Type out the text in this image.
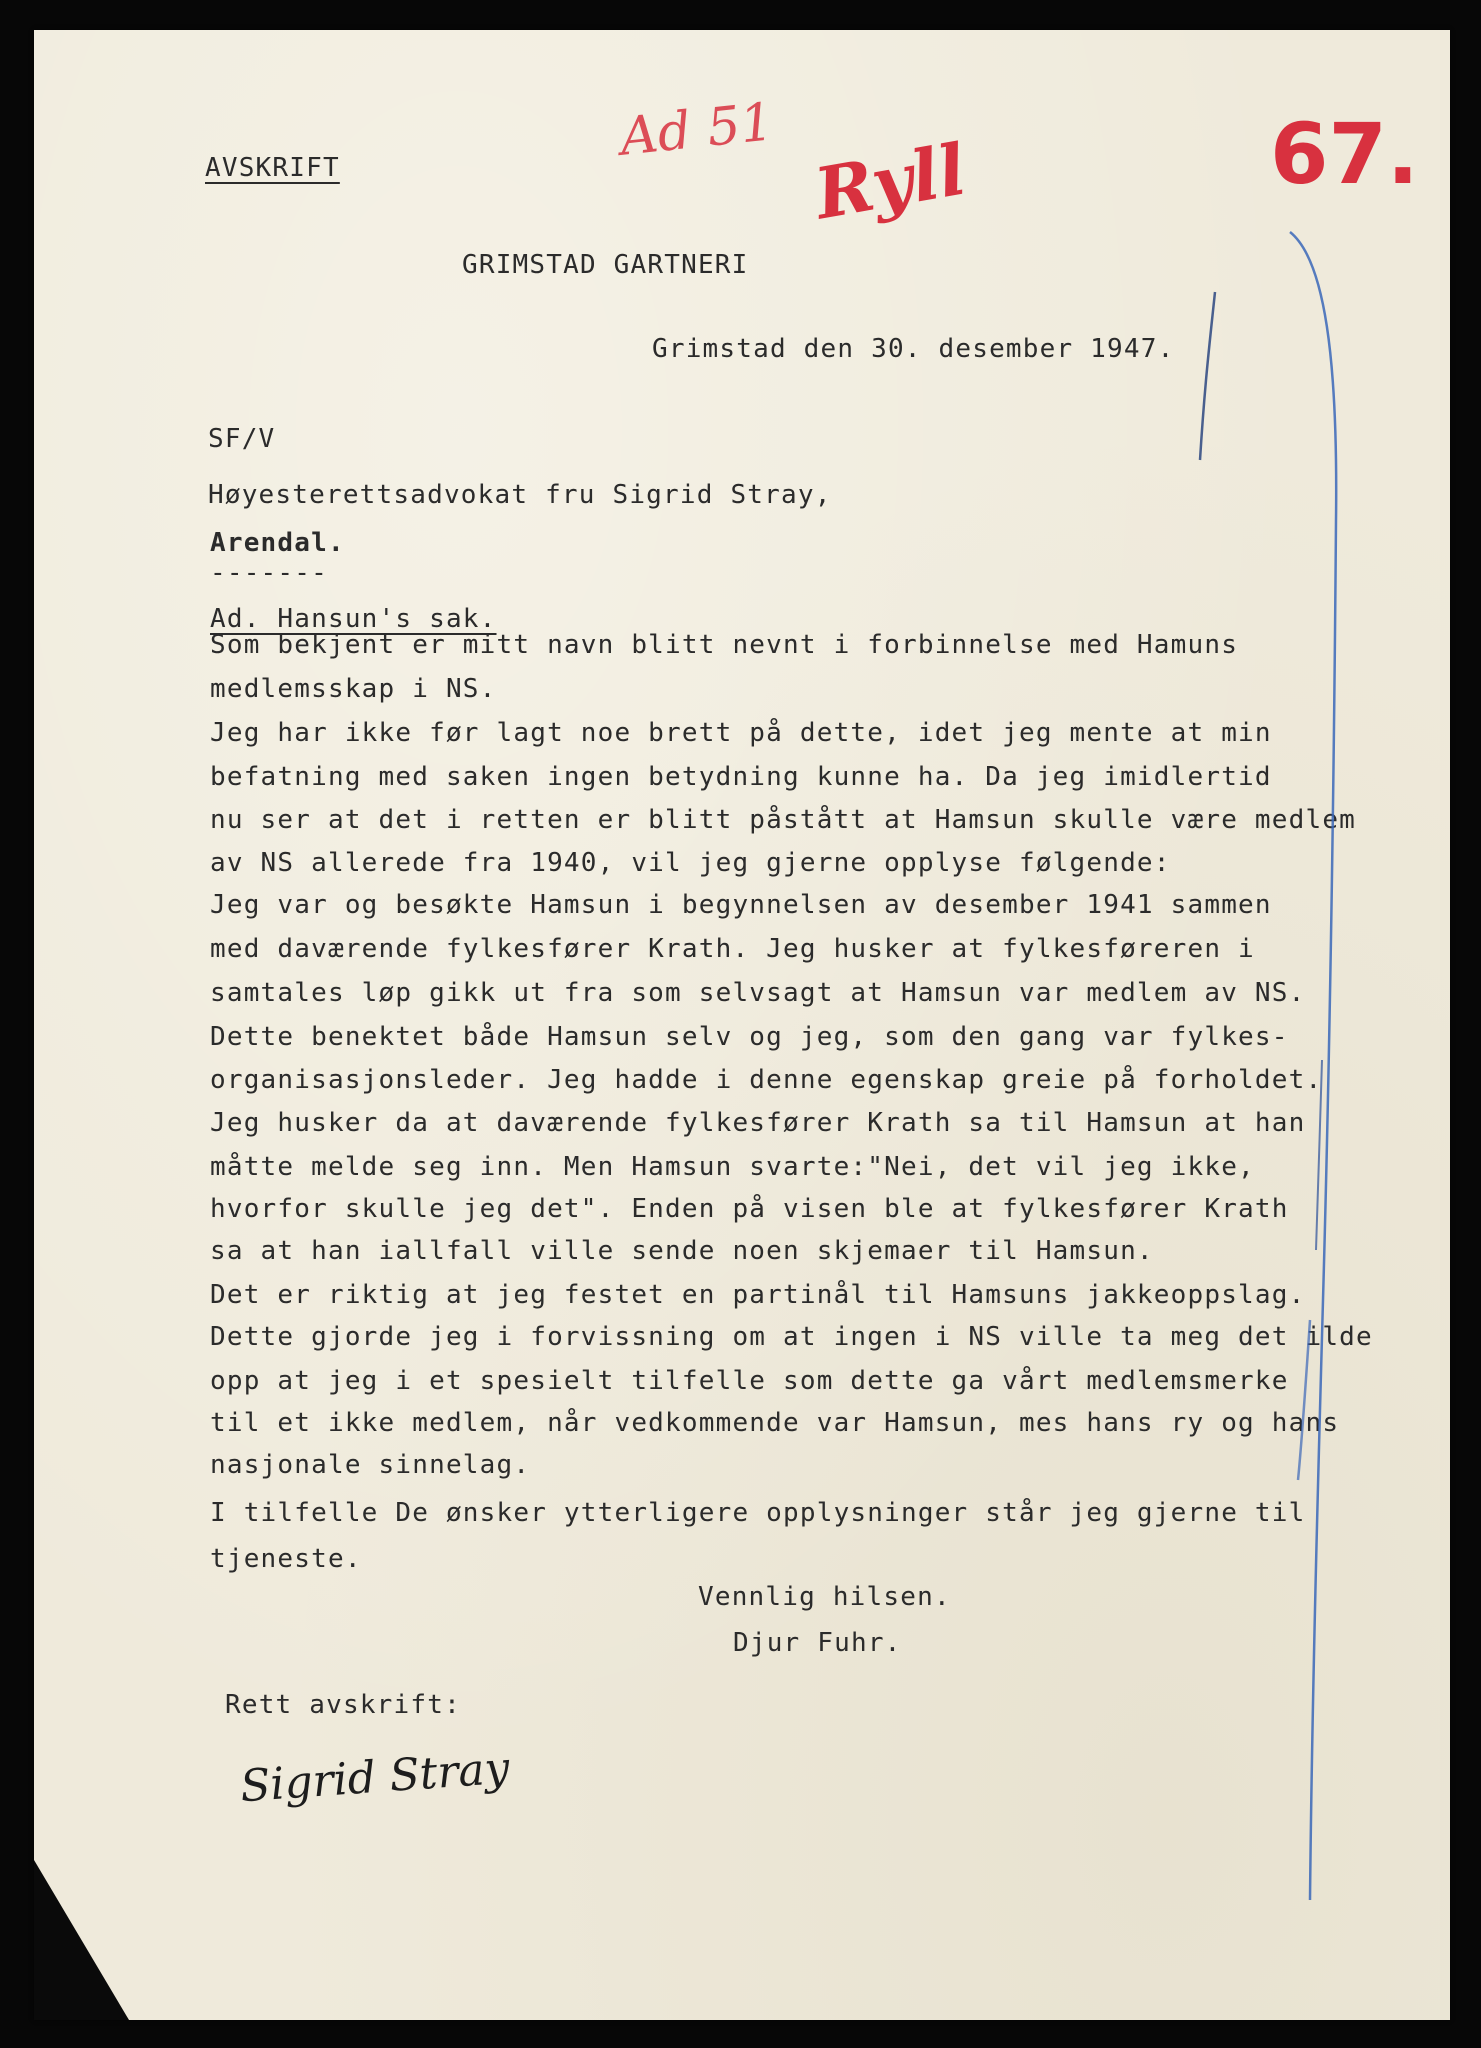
Ad 51 Ryll	67.
AVSKRIFT
GRIMSTAD GARTNERI
Grimstad den 30. desember 1947.
SF/V
Høyesterettsadvokat fru Sigrid Stray,
Arendal.
-------
Ad. Hansun's sak.
Som bekjent er mitt navn blitt nevnt i forbinnelse med Hamuns
medlemsskap i NS.
Jeg har ikke før lagt noe brett på dette, idet jeg mente at min
befatning med saken ingen betydning kunne ha. Da jeg imidlertid
nu ser at det i retten er blitt påstått at Hamsun skulle være medlem
av NS allerede fra 1940, vil jeg gjerne opplyse følgende:
Jeg var og besøkte Hamsun i begynnelsen av desember 1941 sammen
med daværende fylkesfører Krath. Jeg husker at fylkesføreren i
samtales løp gikk ut fra som selvsagt at Hamsun var medlem av NS.
Dette benektet både Hamsun selv og jeg, som den gang var fylkes-
organisasjonsleder. Jeg hadde i denne egenskap greie på forholdet.
Jeg husker da at daværende fylkesfører Krath sa til Hamsun at han
måtte melde seg inn. Men Hamsun svarte:"Nei, det vil jeg ikke,
hvorfor skulle jeg det". Enden på visen ble at fylkesfører Krath
sa at han iallfall ville sende noen skjemaer til Hamsun.
Det er riktig at jeg festet en partinål til Hamsuns jakkeoppslag.
Dette gjorde jeg i forvissning om at ingen i NS ville ta meg det ilde
opp at jeg i et spesielt tilfelle som dette ga vårt medlemsmerke
til et ikke medlem, når vedkommende var Hamsun, mes hans ry og hans
nasjonale sinnelag.
I tilfelle De ønsker ytterligere opplysninger står jeg gjerne til
tjeneste.
Vennlig hilsen.
Djur Fuhr.
Rett avskrift:
Sigrid Stray
